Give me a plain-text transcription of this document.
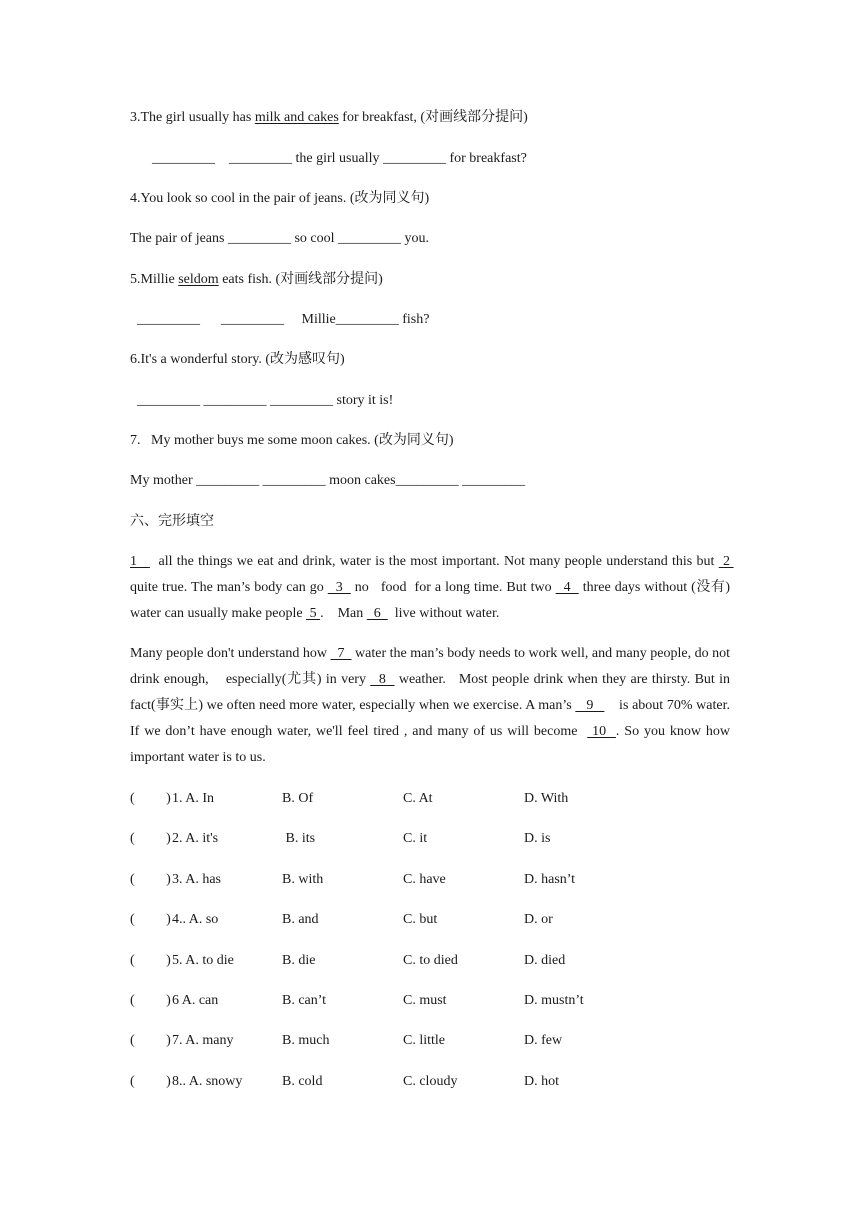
3.The girl usually has milk and cakes for breakfast, (对画线部分提问)
_________    _________ the girl usually _________ for breakfast?
4.You look so cool in the pair of jeans. (改为同义句)
The pair of jeans _________ so cool _________ you.
5.Millie seldom eats fish. (对画线部分提问)
_________      _________     Millie_________ fish?
6.It's a wonderful story. (改为感叹句)
_________ _________ _________ story it is!
7.   My mother buys me some moon cakes. (改为同义句)
My mother _________ _________ moon cakes_________ _________
六、完形填空
1     all the things we eat and drink, water is the most important. Not many people understand this but  2  quite true. The man’s body can go   3   no   food  for a long time. But two   4   three days without (没有) water can usually make people  5 .    Man   6    live without water.
Many people don't understand how   7   water the man’s body needs to work well, and many people, do not drink enough,    especially(尤其) in very   8   weather.   Most people drink when they are thirsty. But in fact(事实上) we often need more water, especially when we exercise. A man’s    9       is about 70% water. If we don’t have enough water, we'll feel tired , and many of us will become   10  . So you know how important water is to us.
(         ) 1. A. In	B. Of	C. At	D. With
(         ) 2. A. it's	B. its	C. it	D. is
(         ) 3. A. has	B. with	C. have	D. hasn’t
(         ) 4.. A. so	B. and	C. but	D. or
(         ) 5. A. to die	B. die	C. to died	D. died
(         ) 6 A. can	B. can’t	C. must	D. mustn’t
(         ) 7. A. many	B. much	C. little	D. few
(         ) 8.. A. snowy	B. cold	C. cloudy	D. hot
